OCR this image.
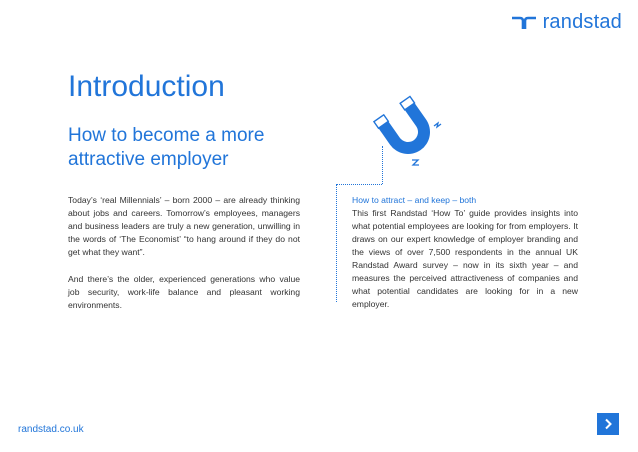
randstad
Introduction
How to become a more attractive employer

Today’s ‘real Millennials’ – born 2000 – are already thinking about jobs and careers. Tomorrow’s employees, managers and business leaders are truly a new generation, unwilling in the words of ‘The Economist’ “to hang around if they do not get what they want”.

And there’s the older, experienced generations who value job security, work-life balance and pleasant working environments.

How to attract – and keep – both

This first Randstad ‘How To’ guide provides insights into what potential employees are looking for from employers. It draws on our expert knowledge of employer branding and the views of over 7,500 respondents in the annual UK Randstad Award survey – now in its sixth year – and measures the perceived attractiveness of companies and what potential candidates are looking for in a new employer.

randstad.co.uk
